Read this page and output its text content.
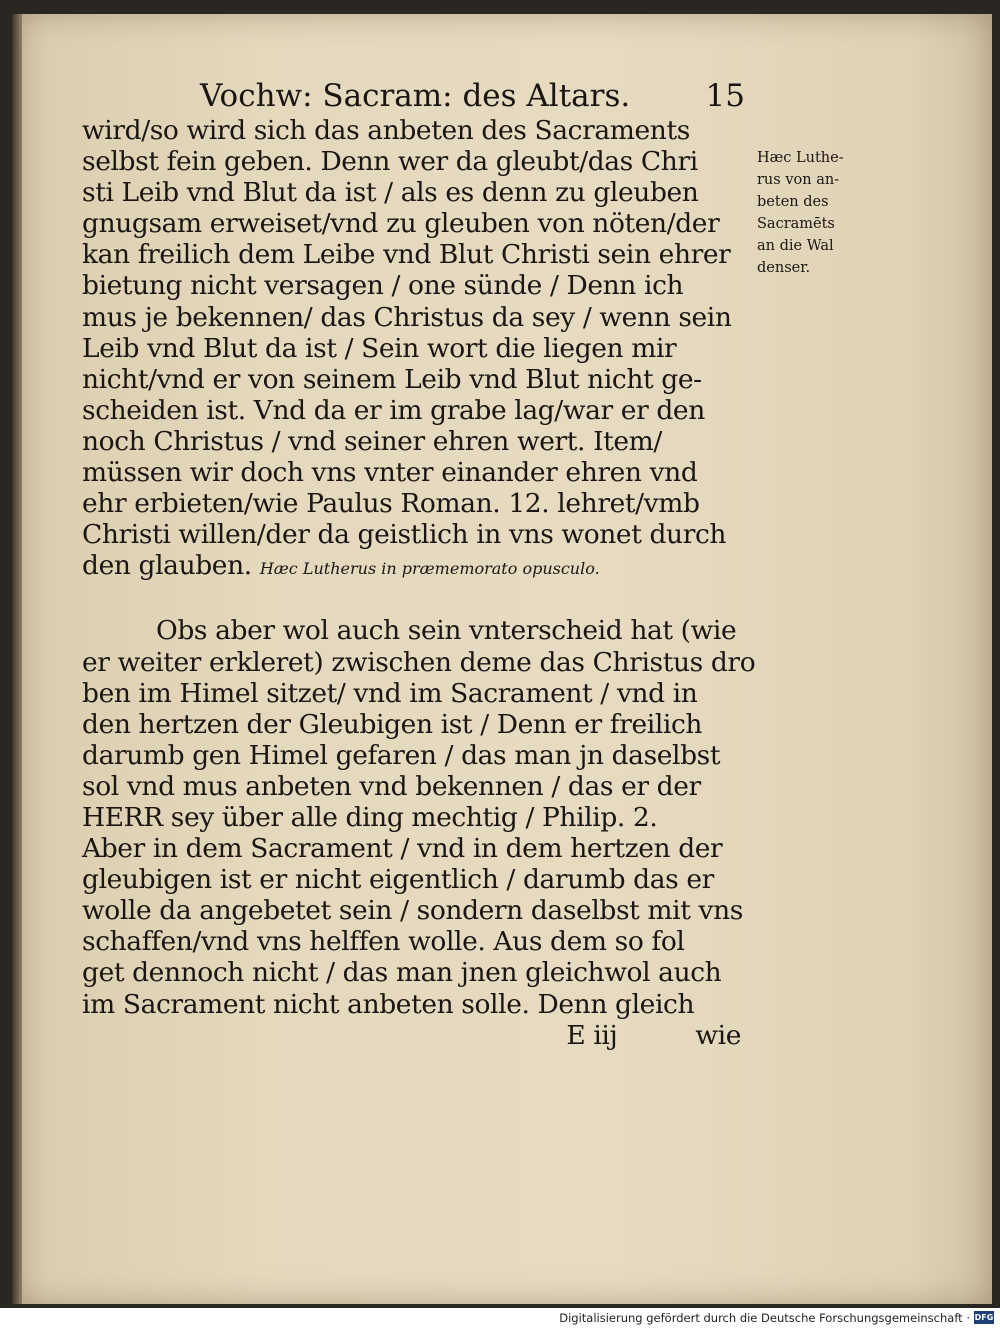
Vochw: Sacram: des Altars. 15
wird/so wird sich das anbeten des Sacraments
selbst fein geben. Denn wer da gleubt/das Chri
sti Leib vnd Blut da ist / als es denn zu gleuben
gnugsam erweiset/vnd zu gleuben von nöten/der
kan freilich dem Leibe vnd Blut Christi sein ehrer
bietung nicht versagen / one sünde / Denn ich
mus je bekennen/ das Christus da sey / wenn sein
Leib vnd Blut da ist / Sein wort die liegen mir
nicht/vnd er von seinem Leib vnd Blut nicht ge-
scheiden ist. Vnd da er im grabe lag/war er den
noch Christus / vnd seiner ehren wert. Item/
müssen wir doch vns vnter einander ehren vnd
ehr erbieten/wie Paulus Roman. 12. lehret/vmb
Christi willen/der da geistlich in vns wonet durch
den glauben. Hæc Lutherus in præmemorato opusculo.
Obs aber wol auch sein vnterscheid hat (wie
er weiter erkleret) zwischen deme das Christus dro
ben im Himel sitzet/ vnd im Sacrament / vnd in
den hertzen der Gleubigen ist / Denn er freilich
darumb gen Himel gefaren / das man jn daselbst
sol vnd mus anbeten vnd bekennen / das er der
HERR sey über alle ding mechtig / Philip. 2.
Aber in dem Sacrament / vnd in dem hertzen der
gleubigen ist er nicht eigentlich / darumb das er
wolle da angebetet sein / sondern daselbst mit vns
schaffen/vnd vns helffen wolle. Aus dem so fol
get dennoch nicht / das man jnen gleichwol auch
im Sacrament nicht anbeten solle. Denn gleich
E iij	wie
Hæc Luthe-
rus von an-
beten des
Sacramēts
an die Wal
denser.
Digitalisierung gefördert durch die Deutsche Forschungsgemeinschaft · DFG
